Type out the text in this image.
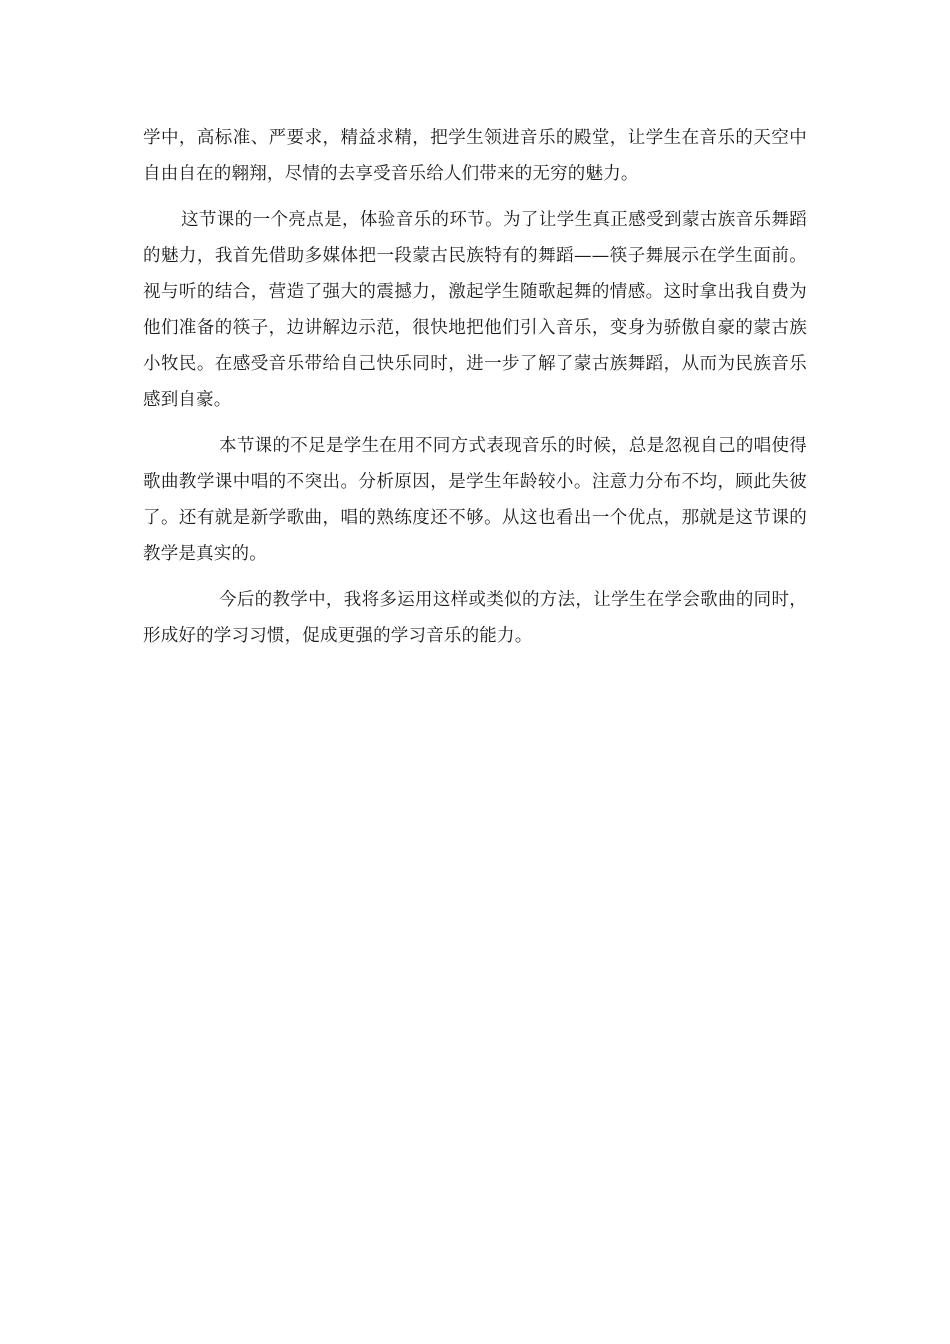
学中，高标准、严要求，精益求精，把学生领进音乐的殿堂，让学生在音乐的天空中自由自在的翱翔，尽情的去享受音乐给人们带来的无穷的魅力。

这节课的一个亮点是，体验音乐的环节。为了让学生真正感受到蒙古族音乐舞蹈的魅力，我首先借助多媒体把一段蒙古民族特有的舞蹈——筷子舞展示在学生面前。视与听的结合，营造了强大的震撼力，激起学生随歌起舞的情感。这时拿出我自费为他们准备的筷子，边讲解边示范，很快地把他们引入音乐，变身为骄傲自豪的蒙古族小牧民。在感受音乐带给自己快乐同时，进一步了解了蒙古族舞蹈，从而为民族音乐感到自豪。

本节课的不足是学生在用不同方式表现音乐的时候，总是忽视自己的唱使得歌曲教学课中唱的不突出。分析原因，是学生年龄较小。注意力分布不均，顾此失彼了。还有就是新学歌曲，唱的熟练度还不够。从这也看出一个优点，那就是这节课的教学是真实的。

今后的教学中，我将多运用这样或类似的方法，让学生在学会歌曲的同时，形成好的学习习惯，促成更强的学习音乐的能力。
